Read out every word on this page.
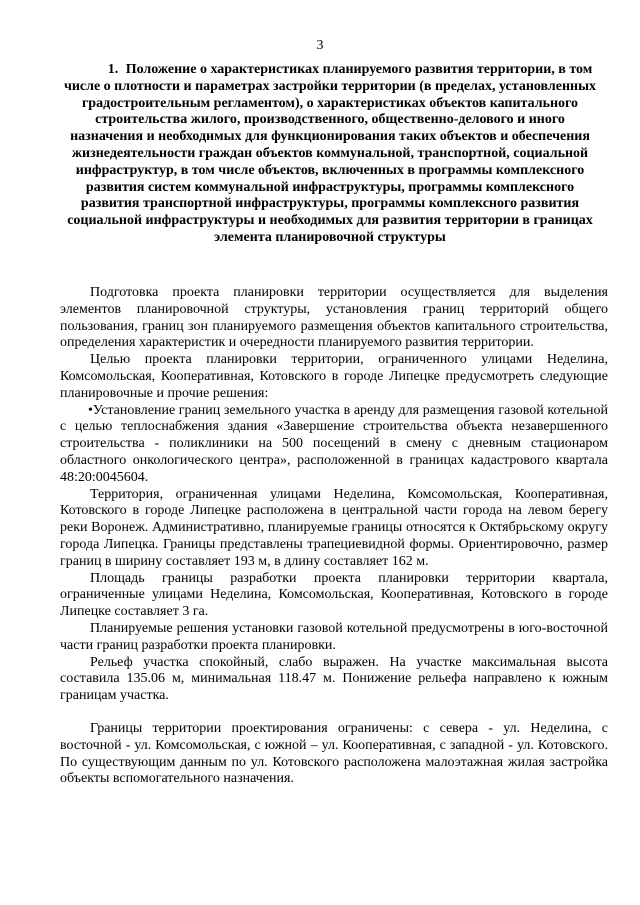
3
1. Положение о характеристиках планируемого развития территории, в том числе о плотности и параметрах застройки территории (в пределах, установленных градостроительным регламентом), о характеристиках объектов капитального строительства жилого, производственного, общественно-делового и иного назначения и необходимых для функционирования таких объектов и обеспечения жизнедеятельности граждан объектов коммунальной, транспортной, социальной инфраструктур, в том числе объектов, включенных в программы комплексного развития систем коммунальной инфраструктуры, программы комплексного развития транспортной инфраструктуры, программы комплексного развития социальной инфраструктуры и необходимых для развития территории в границах элемента планировочной структуры

Подготовка проекта планировки территории осуществляется для выделения элементов планировочной структуры, установления границ территорий общего пользования, границ зон планируемого размещения объектов капитального строительства, определения характеристик и очередности планируемого развития территории.

Целью проекта планировки территории, ограниченного улицами Неделина, Комсомольская, Кооперативная, Котовского в городе Липецке предусмотреть следующие планировочные и прочие решения:

•Установление границ земельного участка в аренду для размещения газовой котельной с целью теплоснабжения здания «Завершение строительства объекта незавершенного строительства - поликлиники на 500 посещений в смену с дневным стационаром областного онкологического центра», расположенной в границах кадастрового квартала 48:20:0045604.

Территория, ограниченная улицами Неделина, Комсомольская, Кооперативная, Котовского в городе Липецке расположена в центральной части города на левом берегу реки Воронеж. Административно, планируемые границы относятся к Октябрьскому округу города Липецка. Границы представлены трапециевидной формы. Ориентировочно, размер границ в ширину составляет 193 м, в длину составляет 162 м.

Площадь границы разработки проекта планировки территории квартала, ограниченные улицами Неделина, Комсомольская, Кооперативная, Котовского в городе Липецке составляет 3 га.

Планируемые решения установки газовой котельной предусмотрены в юго-восточной части границ разработки проекта планировки.

Рельеф участка спокойный, слабо выражен. На участке максимальная высота составила 135.06 м, минимальная 118.47 м. Понижение рельефа направлено к южным границам участка.

Границы территории проектирования ограничены: с севера - ул. Неделина, с восточной - ул. Комсомольская, с южной – ул. Кооперативная, с западной - ул. Котовского. По существующим данным по ул. Котовского расположена малоэтажная жилая застройка объекты вспомогательного назначения.
